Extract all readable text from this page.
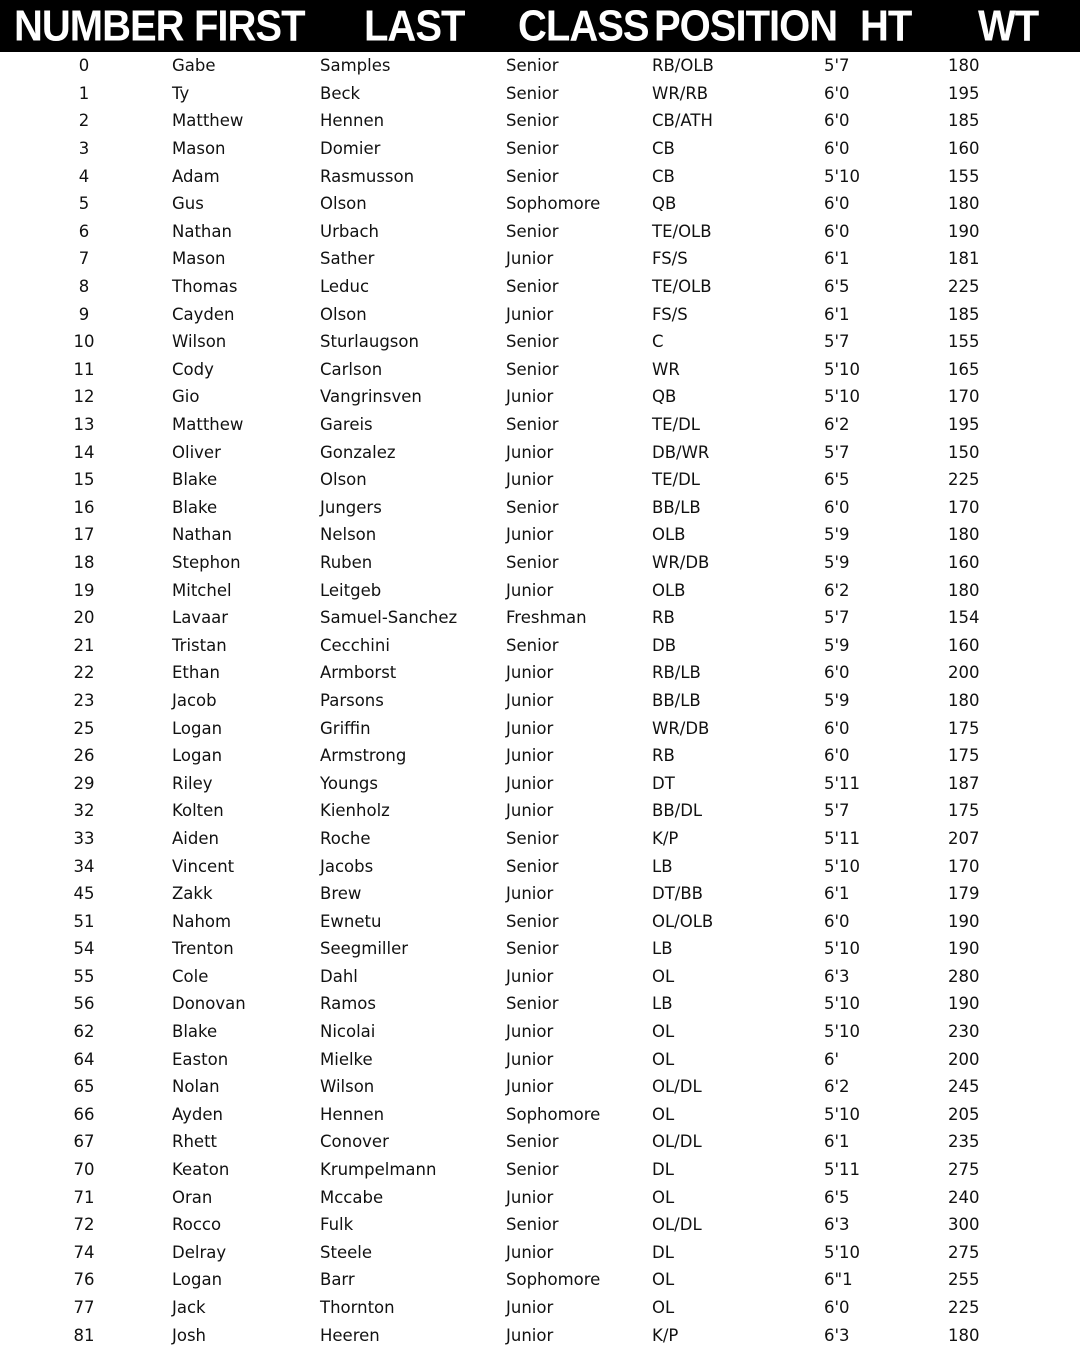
NUMBER	FIRST	LAST	CLASS	POSITION	HT	WT
0	Gabe	Samples	Senior	RB/OLB	5'7	180
1	Ty	Beck	Senior	WR/RB	6'0	195
2	Matthew	Hennen	Senior	CB/ATH	6'0	185
3	Mason	Domier	Senior	CB	6'0	160
4	Adam	Rasmusson	Senior	CB	5'10	155
5	Gus	Olson	Sophomore	QB	6'0	180
6	Nathan	Urbach	Senior	TE/OLB	6'0	190
7	Mason	Sather	Junior	FS/S	6'1	181
8	Thomas	Leduc	Senior	TE/OLB	6'5	225
9	Cayden	Olson	Junior	FS/S	6'1	185
10	Wilson	Sturlaugson	Senior	C	5'7	155
11	Cody	Carlson	Senior	WR	5'10	165
12	Gio	Vangrinsven	Junior	QB	5'10	170
13	Matthew	Gareis	Senior	TE/DL	6'2	195
14	Oliver	Gonzalez	Junior	DB/WR	5'7	150
15	Blake	Olson	Junior	TE/DL	6'5	225
16	Blake	Jungers	Senior	BB/LB	6'0	170
17	Nathan	Nelson	Junior	OLB	5'9	180
18	Stephon	Ruben	Senior	WR/DB	5'9	160
19	Mitchel	Leitgeb	Junior	OLB	6'2	180
20	Lavaar	Samuel-Sanchez	Freshman	RB	5'7	154
21	Tristan	Cecchini	Senior	DB	5'9	160
22	Ethan	Armborst	Junior	RB/LB	6'0	200
23	Jacob	Parsons	Junior	BB/LB	5'9	180
25	Logan	Griffin	Junior	WR/DB	6'0	175
26	Logan	Armstrong	Junior	RB	6'0	175
29	Riley	Youngs	Junior	DT	5'11	187
32	Kolten	Kienholz	Junior	BB/DL	5'7	175
33	Aiden	Roche	Senior	K/P	5'11	207
34	Vincent	Jacobs	Senior	LB	5'10	170
45	Zakk	Brew	Junior	DT/BB	6'1	179
51	Nahom	Ewnetu	Senior	OL/OLB	6'0	190
54	Trenton	Seegmiller	Senior	LB	5'10	190
55	Cole	Dahl	Junior	OL	6'3	280
56	Donovan	Ramos	Senior	LB	5'10	190
62	Blake	Nicolai	Junior	OL	5'10	230
64	Easton	Mielke	Junior	OL	6'	200
65	Nolan	Wilson	Junior	OL/DL	6'2	245
66	Ayden	Hennen	Sophomore	OL	5'10	205
67	Rhett	Conover	Senior	OL/DL	6'1	235
70	Keaton	Krumpelmann	Senior	DL	5'11	275
71	Oran	Mccabe	Junior	OL	6'5	240
72	Rocco	Fulk	Senior	OL/DL	6'3	300
74	Delray	Steele	Junior	DL	5'10	275
76	Logan	Barr	Sophomore	OL	6"1	255
77	Jack	Thornton	Junior	OL	6'0	225
81	Josh	Heeren	Junior	K/P	6'3	180
